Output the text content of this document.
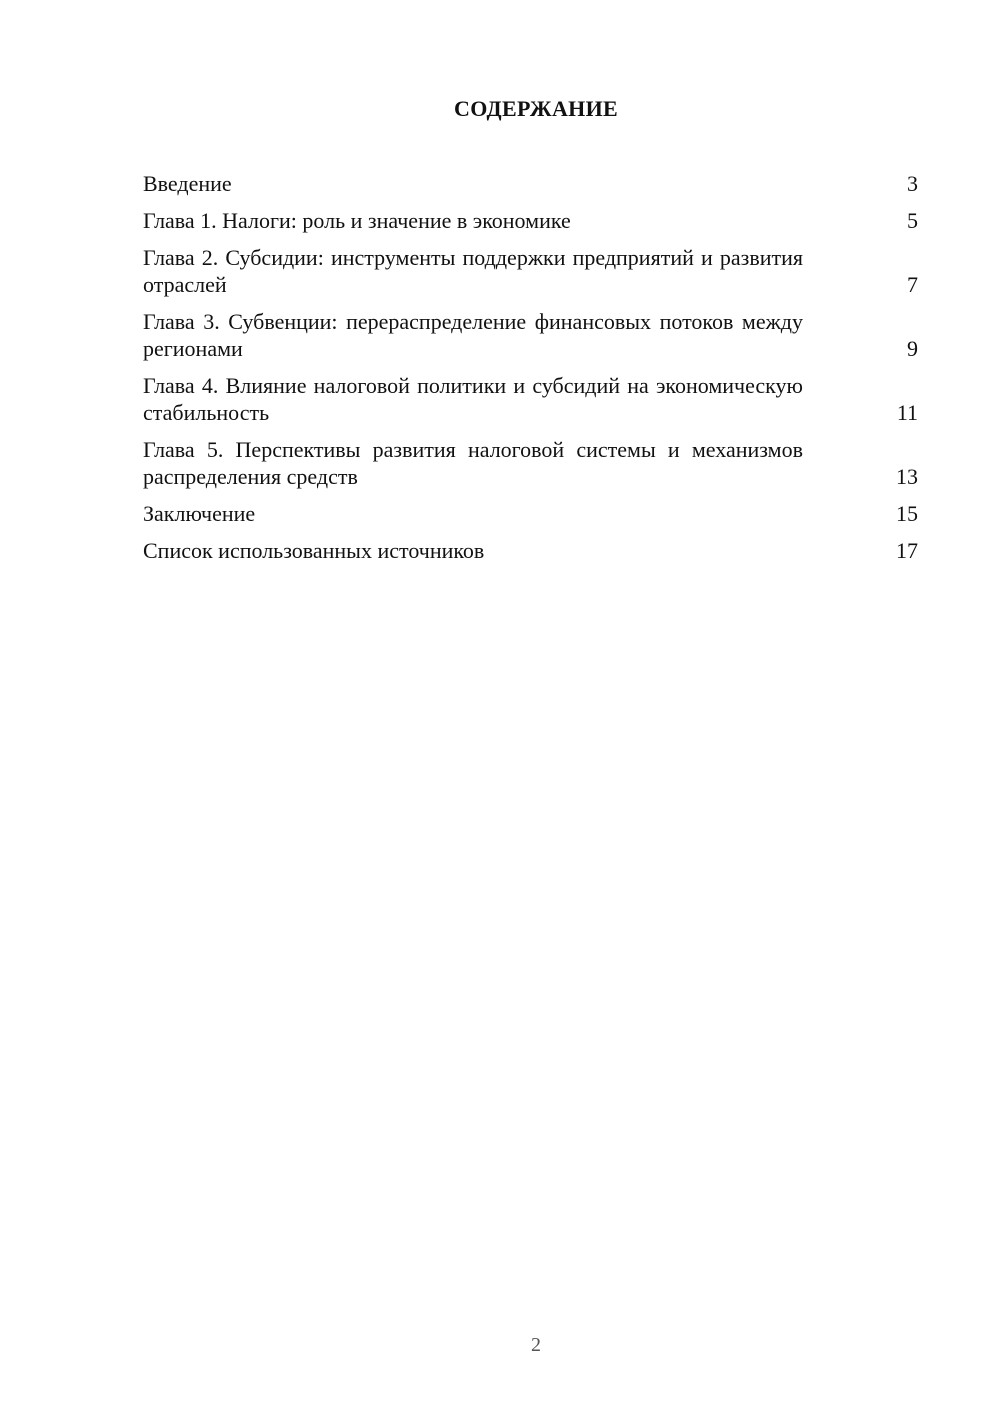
СОДЕРЖАНИЕ
Введение	3
Глава 1. Налоги: роль и значение в экономике	5
Глава 2. Субсидии: инструменты поддержки предприятий и развития отраслей	7
Глава 3. Субвенции: перераспределение финансовых потоков между регионами	9
Глава 4. Влияние налоговой политики и субсидий на экономическую стабильность	11
Глава 5. Перспективы развития налоговой системы и механизмов распределения средств	13
Заключение	15
Список использованных источников	17
2
